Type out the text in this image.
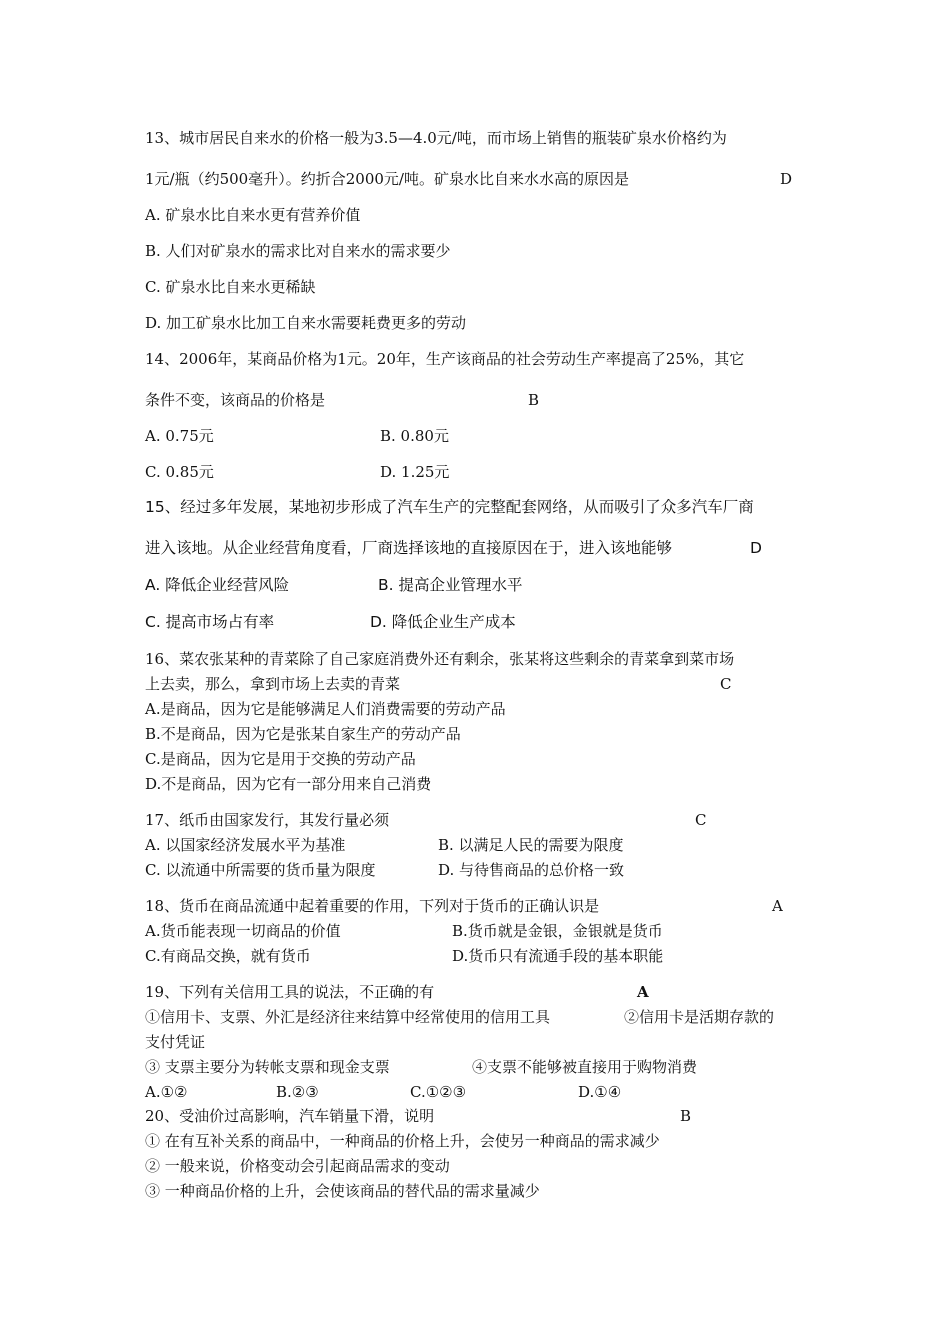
13、城市居民自来水的价格一般为3.5—4.0元/吨，而市场上销售的瓶装矿泉水价格约为
1元/瓶（约500毫升）。约折合2000元/吨。矿泉水比自来水水高的原因是	D
A. 矿泉水比自来水更有营养价值
B. 人们对矿泉水的需求比对自来水的需求要少
C. 矿泉水比自来水更稀缺
D. 加工矿泉水比加工自来水需要耗费更多的劳动
14、2006年，某商品价格为1元。20年，生产该商品的社会劳动生产率提高了25%，其它
条件不变，该商品的价格是	B
A. 0.75元	B. 0.80元
C. 0.85元	D. 1.25元
15、经过多年发展，某地初步形成了汽车生产的完整配套网络，从而吸引了众多汽车厂商
进入该地。从企业经营角度看，厂商选择该地的直接原因在于，进入该地能够	D
A. 降低企业经营风险	B. 提高企业管理水平
C. 提高市场占有率	D. 降低企业生产成本
16、菜农张某种的青菜除了自己家庭消费外还有剩余，张某将这些剩余的青菜拿到菜市场
上去卖，那么，拿到市场上去卖的青菜	C
A.是商品，因为它是能够满足人们消费需要的劳动产品
B.不是商品，因为它是张某自家生产的劳动产品
C.是商品，因为它是用于交换的劳动产品
D.不是商品，因为它有一部分用来自己消费
17、纸币由国家发行，其发行量必须	C
A. 以国家经济发展水平为基准	B. 以满足人民的需要为限度
C. 以流通中所需要的货币量为限度	D. 与待售商品的总价格一致
18、货币在商品流通中起着重要的作用，下列对于货币的正确认识是	A
A.货币能表现一切商品的价值	B.货币就是金银，金银就是货币
C.有商品交换，就有货币	D.货币只有流通手段的基本职能
19、下列有关信用工具的说法，不正确的有	A
①信用卡、支票、外汇是经济往来结算中经常使用的信用工具	②信用卡是活期存款的
支付凭证
③ 支票主要分为转帐支票和现金支票	④支票不能够被直接用于购物消费
A.①②	B.②③	C.①②③	D.①④
20、受油价过高影响，汽车销量下滑，说明	B
① 在有互补关系的商品中，一种商品的价格上升，会使另一种商品的需求减少
② 一般来说，价格变动会引起商品需求的变动
③ 一种商品价格的上升，会使该商品的替代品的需求量减少
